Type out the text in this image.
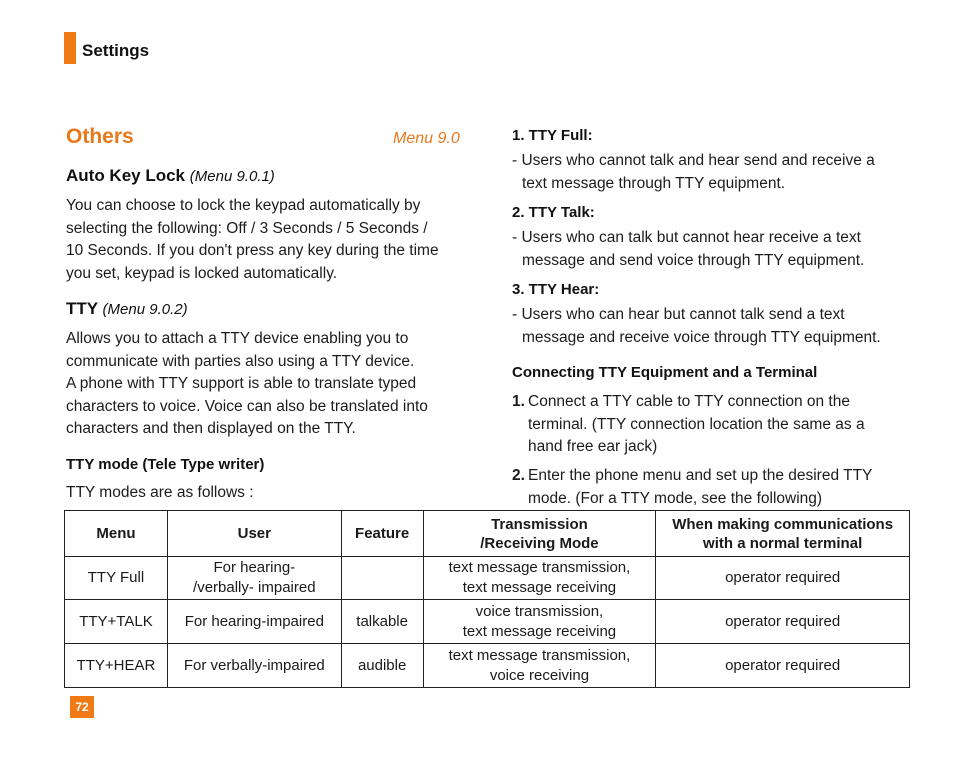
Settings
Others	Menu 9.0
Auto Key Lock (Menu 9.0.1)
You can choose to lock the keypad automatically by
selecting the following: Off / 3 Seconds / 5 Seconds /
10 Seconds. If you don't press any key during the time
you set, keypad is locked automatically.
TTY (Menu 9.0.2)
Allows you to attach a TTY device enabling you to
communicate with parties also using a TTY device.
A phone with TTY support is able to translate typed
characters to voice. Voice can also be translated into
characters and then displayed on the TTY.
TTY mode (Tele Type writer)
TTY modes are as follows :
1. TTY Full:
- Users who cannot talk and hear send and receive a
text message through TTY equipment.
2. TTY Talk:
- Users who can talk but cannot hear receive a text
message and send voice through TTY equipment.
3. TTY Hear:
- Users who can hear but cannot talk send a text
message and receive voice through TTY equipment.
Connecting TTY Equipment and a Terminal
1. Connect a TTY cable to TTY connection on the
terminal. (TTY connection location the same as a
hand free ear jack)
2. Enter the phone menu and set up the desired TTY
mode. (For a TTY mode, see the following)
Menu	User	Feature	Transmission
/Receiving Mode	When making communications
with a normal terminal
TTY Full	For hearing-
/verbally- impaired		text message transmission,
text message receiving	operator required
TTY+TALK	For hearing-impaired	talkable	voice transmission,
text message receiving	operator required
TTY+HEAR	For verbally-impaired	audible	text message transmission,
voice receiving	operator required
72
